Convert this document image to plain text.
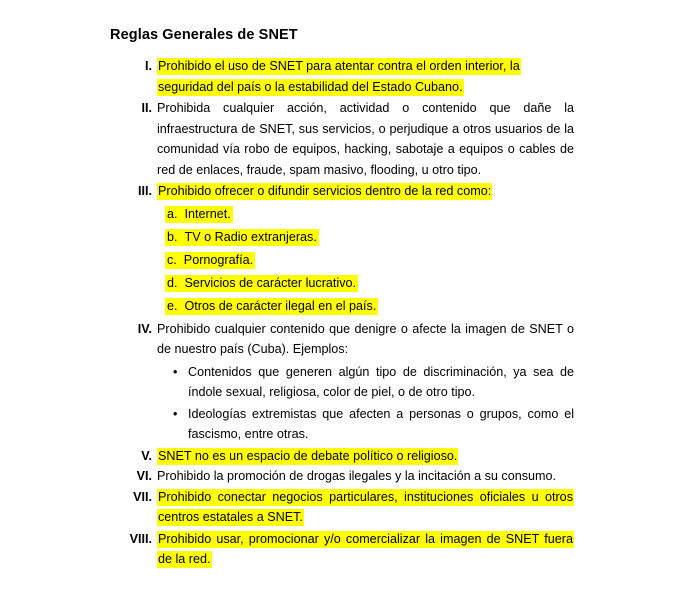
Reglas Generales de SNET
I. Prohibido el uso de SNET para atentar contra el orden interior, la seguridad del país o la estabilidad del Estado Cubano.
II. Prohibida cualquier acción, actividad o contenido que dañe la infraestructura de SNET, sus servicios, o perjudique a otros usuarios de la comunidad vía robo de equipos, hacking, sabotaje a equipos o cables de red de enlaces, fraude, spam masivo, flooding, u otro tipo.
III. Prohibido ofrecer o difundir servicios dentro de la red como:
a. Internet.
b. TV o Radio extranjeras.
c. Pornografía.
d. Servicios de carácter lucrativo.
e. Otros de carácter ilegal en el país.
IV. Prohibido cualquier contenido que denigre o afecte la imagen de SNET o de nuestro país (Cuba). Ejemplos:
• Contenidos que generen algún tipo de discriminación, ya sea de índole sexual, religiosa, color de piel, o de otro tipo.
• Ideologías extremistas que afecten a personas o grupos, como el fascismo, entre otras.
V. SNET no es un espacio de debate político o religioso.
VI. Prohibido la promoción de drogas ilegales y la incitación a su consumo.
VII. Prohibido conectar negocios particulares, instituciones oficiales u otros centros estatales a SNET.
VIII. Prohibido usar, promocionar y/o comercializar la imagen de SNET fuera de la red.
